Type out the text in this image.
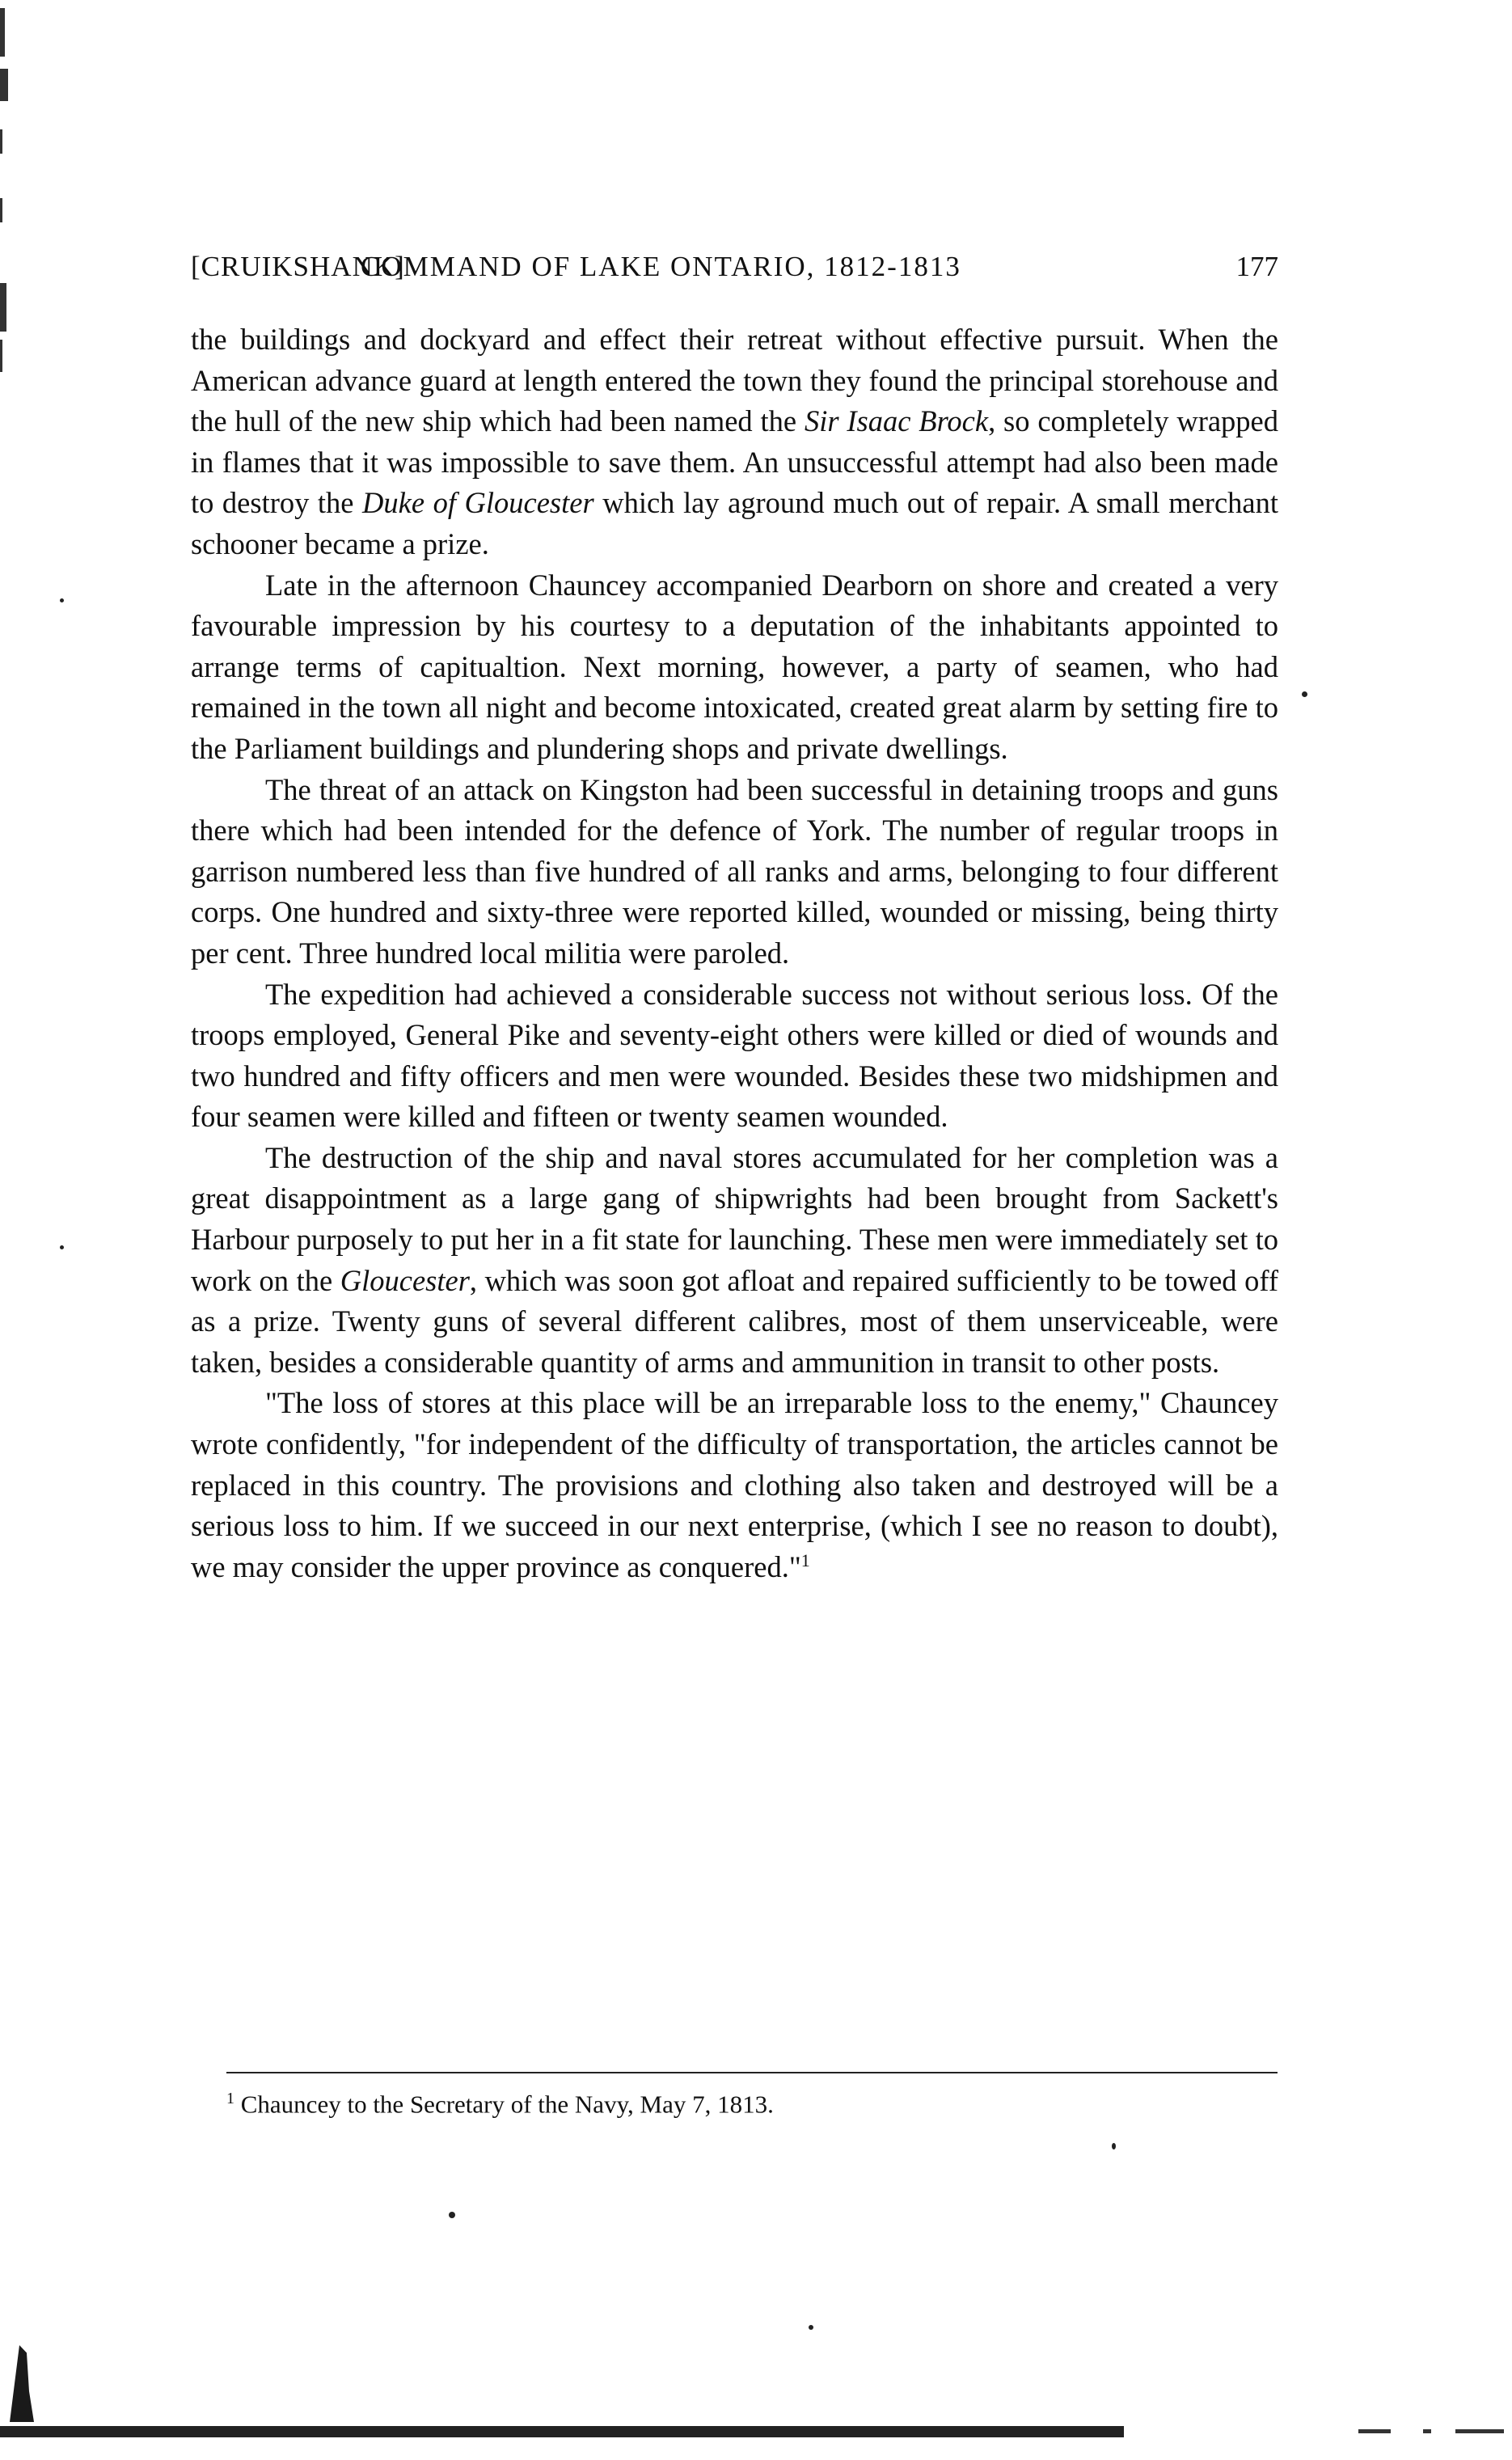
[CRUIKSHANK]
COMMAND OF LAKE ONTARIO, 1812-1813	177

the buildings and dockyard and effect their retreat without effective pursuit. When the American advance guard at length entered the town they found the principal storehouse and the hull of the new ship which had been named the Sir Isaac Brock, so completely wrapped in flames that it was impossible to save them. An unsuccessful attempt had also been made to destroy the Duke of Gloucester which lay aground much out of repair. A small merchant schooner became a prize.

Late in the afternoon Chauncey accompanied Dearborn on shore and created a very favourable impression by his courtesy to a deputation of the inhabitants appointed to arrange terms of capitualtion. Next morning, however, a party of seamen, who had remained in the town all night and become intoxicated, created great alarm by setting fire to the Parliament buildings and plundering shops and private dwellings.

The threat of an attack on Kingston had been successful in detaining troops and guns there which had been intended for the defence of York. The number of regular troops in garrison numbered less than five hundred of all ranks and arms, belonging to four different corps. One hundred and sixty-three were reported killed, wounded or missing, being thirty per cent. Three hundred local militia were paroled.

The expedition had achieved a considerable success not without serious loss. Of the troops employed, General Pike and seventy-eight others were killed or died of wounds and two hundred and fifty officers and men were wounded. Besides these two midshipmen and four seamen were killed and fifteen or twenty seamen wounded.

The destruction of the ship and naval stores accumulated for her completion was a great disappointment as a large gang of shipwrights had been brought from Sackett's Harbour purposely to put her in a fit state for launching. These men were immediately set to work on the Gloucester, which was soon got afloat and repaired sufficiently to be towed off as a prize. Twenty guns of several different calibres, most of them unserviceable, were taken, besides a considerable quantity of arms and ammunition in transit to other posts.

"The loss of stores at this place will be an irreparable loss to the enemy," Chauncey wrote confidently, "for independent of the difficulty of transportation, the articles cannot be replaced in this country. The provisions and clothing also taken and destroyed will be a serious loss to him. If we succeed in our next enterprise, (which I see no reason to doubt), we may consider the upper province as conquered."$^1$

$^1$ Chauncey to the Secretary of the Navy, May 7, 1813.
